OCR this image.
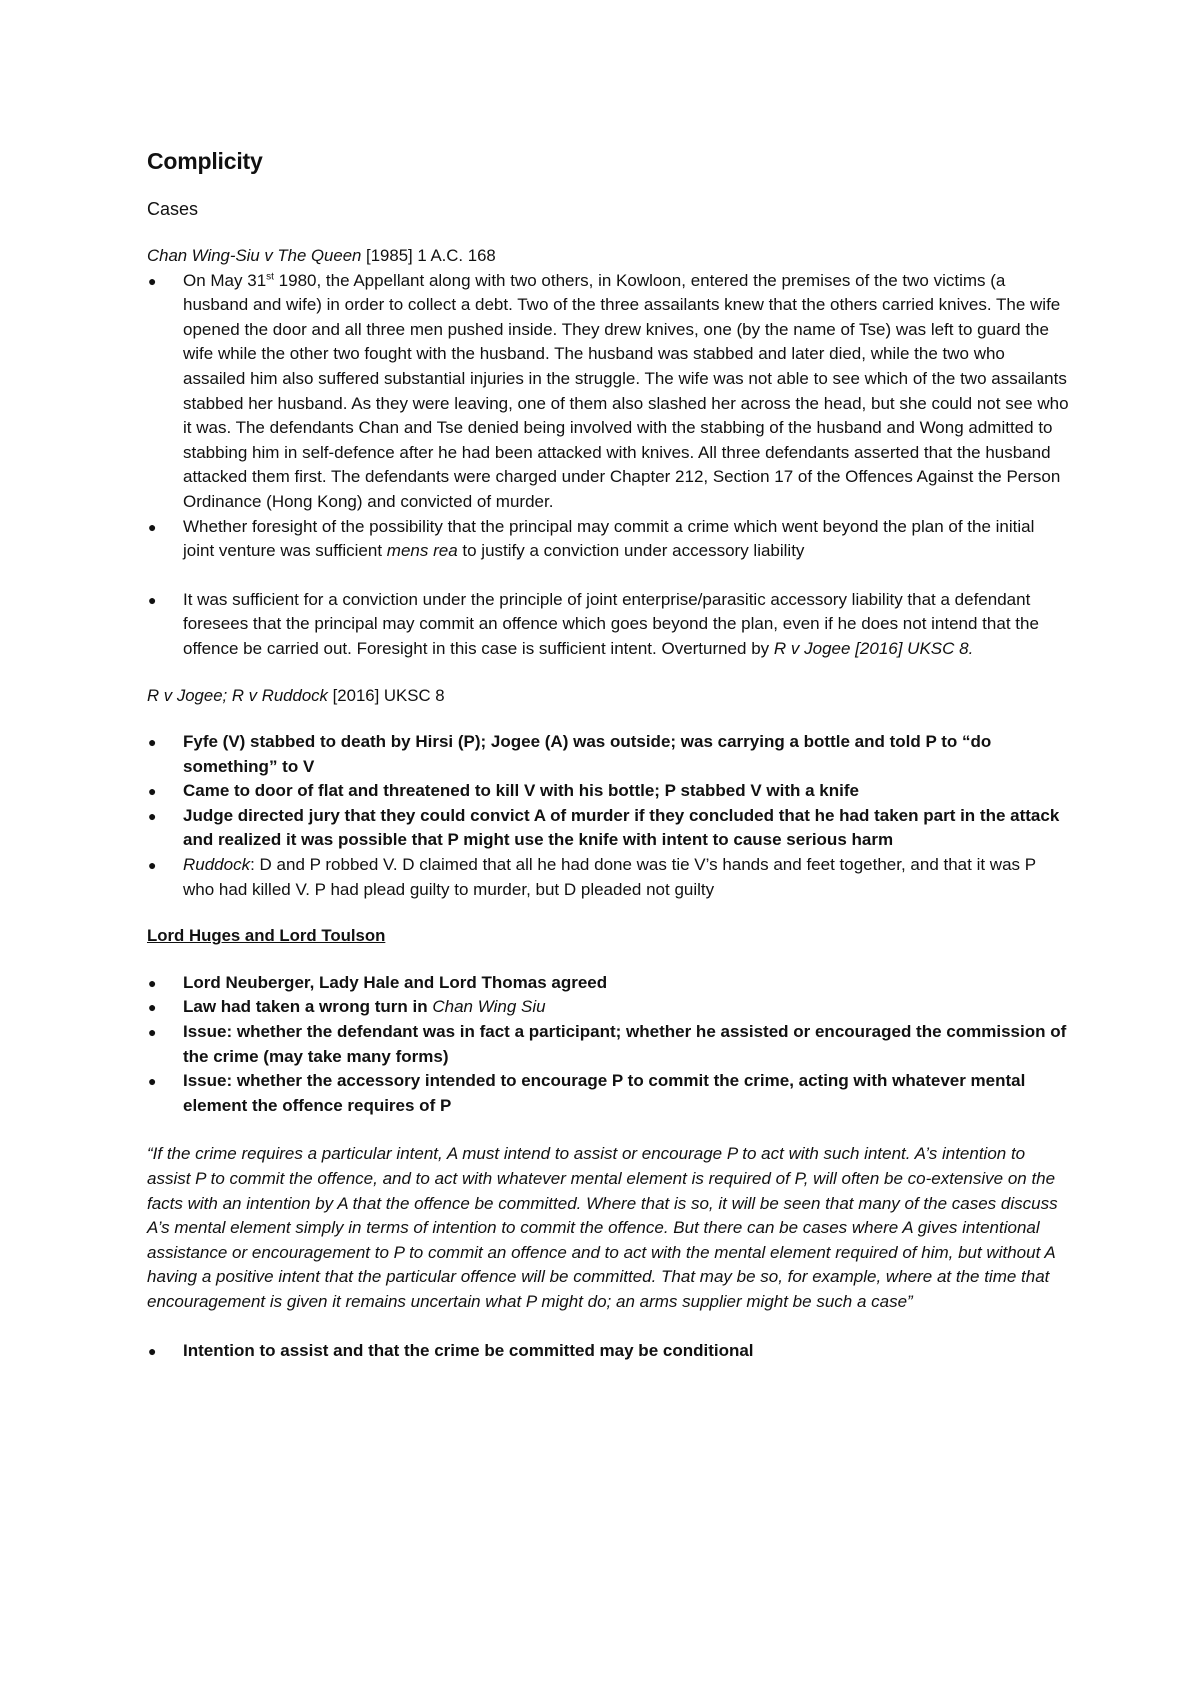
Complicity
Cases
Chan Wing-Siu v The Queen [1985] 1 A.C. 168
● On May 31st 1980, the Appellant along with two others, in Kowloon, entered the premises of the two victims (a husband and wife) in order to collect a debt. Two of the three assailants knew that the others carried knives. The wife opened the door and all three men pushed inside. They drew knives, one (by the name of Tse) was left to guard the wife while the other two fought with the husband. The husband was stabbed and later died, while the two who assailed him also suffered substantial injuries in the struggle. The wife was not able to see which of the two assailants stabbed her husband. As they were leaving, one of them also slashed her across the head, but she could not see who it was. The defendants Chan and Tse denied being involved with the stabbing of the husband and Wong admitted to stabbing him in self-defence after he had been attacked with knives. All three defendants asserted that the husband attacked them first. The defendants were charged under Chapter 212, Section 17 of the Offences Against the Person Ordinance (Hong Kong) and convicted of murder.
● Whether foresight of the possibility that the principal may commit a crime which went beyond the plan of the initial joint venture was sufficient mens rea to justify a conviction under accessory liability
● It was sufficient for a conviction under the principle of joint enterprise/parasitic accessory liability that a defendant foresees that the principal may commit an offence which goes beyond the plan, even if he does not intend that the offence be carried out. Foresight in this case is sufficient intent. Overturned by R v Jogee [2016] UKSC 8.
R v Jogee; R v Ruddock [2016] UKSC 8
● Fyfe (V) stabbed to death by Hirsi (P); Jogee (A) was outside; was carrying a bottle and told P to “do something” to V
● Came to door of flat and threatened to kill V with his bottle; P stabbed V with a knife
● Judge directed jury that they could convict A of murder if they concluded that he had taken part in the attack and realized it was possible that P might use the knife with intent to cause serious harm
● Ruddock: D and P robbed V. D claimed that all he had done was tie V’s hands and feet together, and that it was P who had killed V. P had plead guilty to murder, but D pleaded not guilty
Lord Huges and Lord Toulson
● Lord Neuberger, Lady Hale and Lord Thomas agreed
● Law had taken a wrong turn in Chan Wing Siu
● Issue: whether the defendant was in fact a participant; whether he assisted or encouraged the commission of the crime (may take many forms)
● Issue: whether the accessory intended to encourage P to commit the crime, acting with whatever mental element the offence requires of P
“If the crime requires a particular intent, A must intend to assist or encourage P to act with such intent. A’s intention to assist P to commit the offence, and to act with whatever mental element is required of P, will often be co-extensive on the facts with an intention by A that the offence be committed. Where that is so, it will be seen that many of the cases discuss A’s mental element simply in terms of intention to commit the offence. But there can be cases where A gives intentional assistance or encouragement to P to commit an offence and to act with the mental element required of him, but without A having a positive intent that the particular offence will be committed. That may be so, for example, where at the time that encouragement is given it remains uncertain what P might do; an arms supplier might be such a case”
● Intention to assist and that the crime be committed may be conditional
